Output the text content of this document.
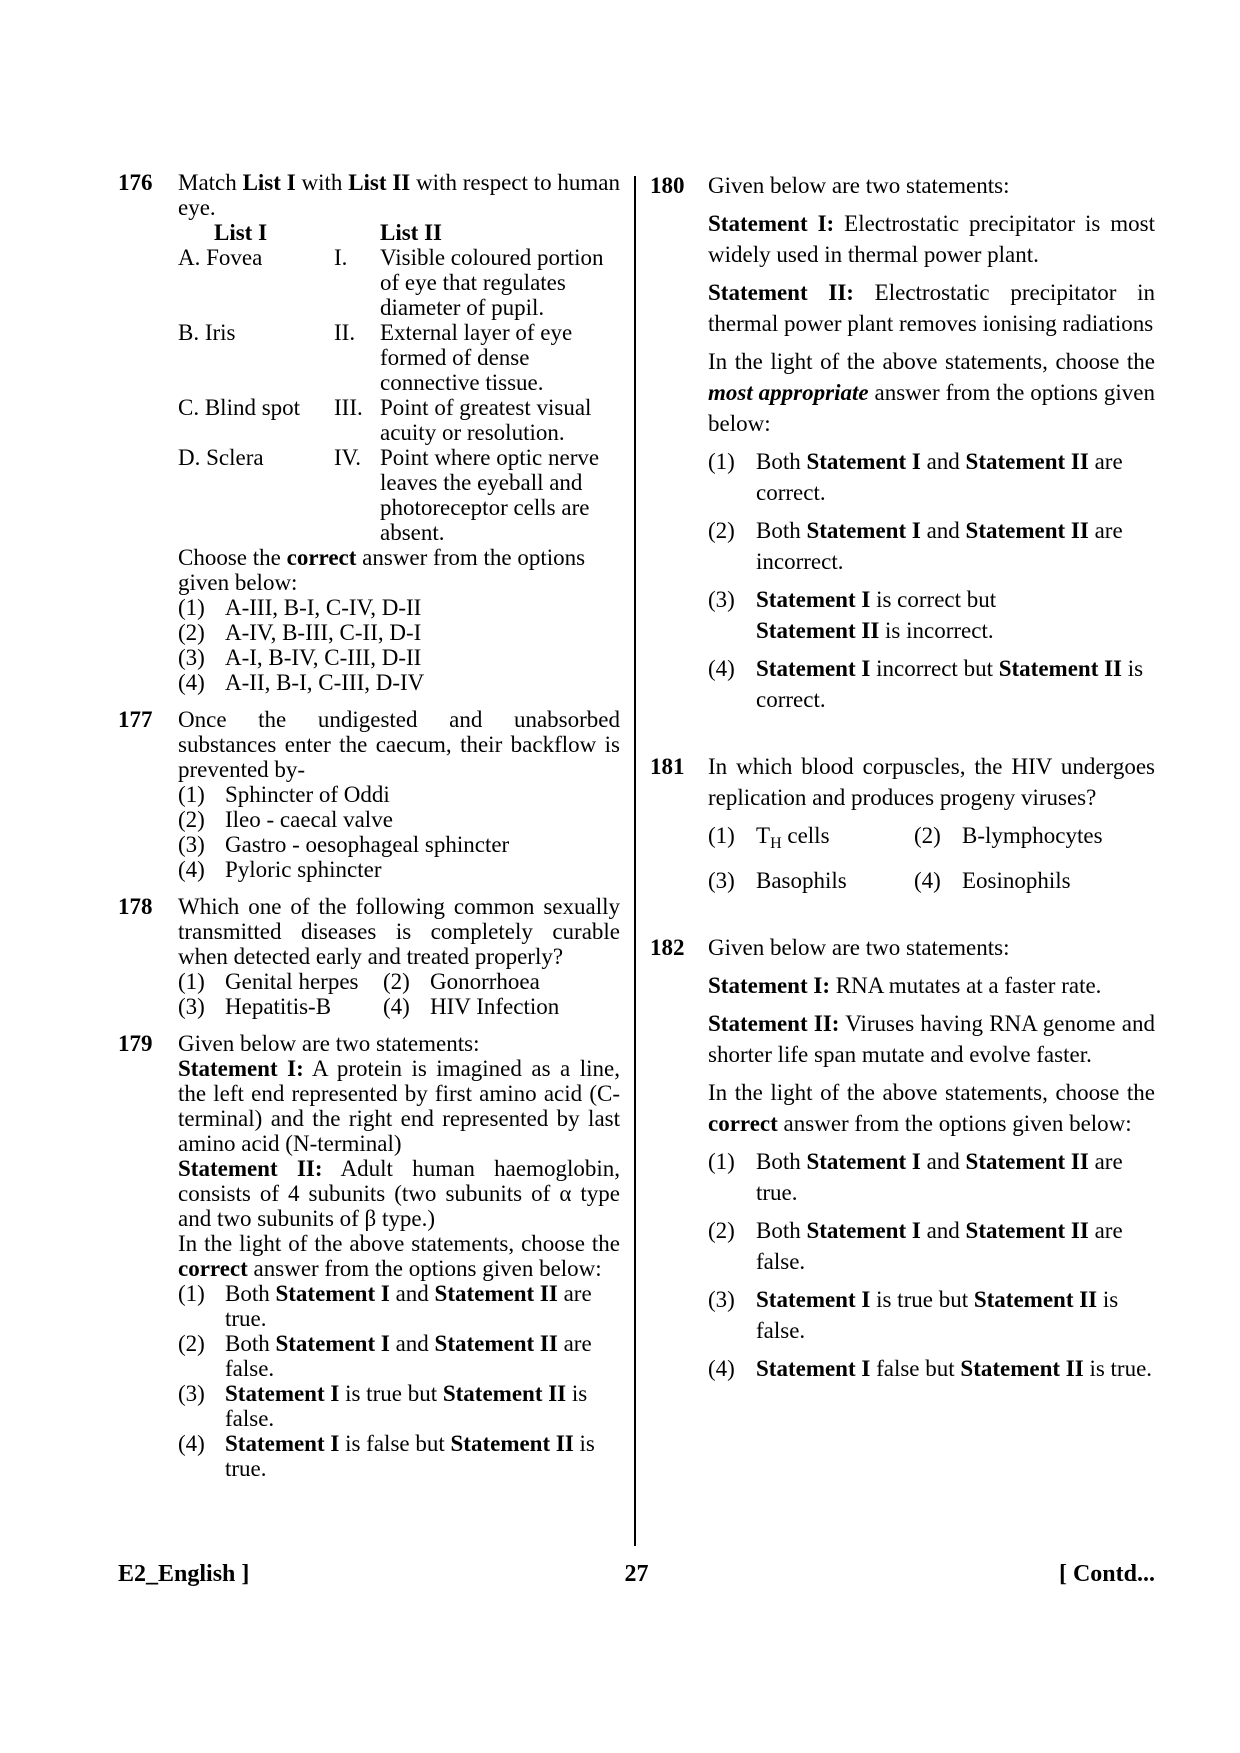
176 Match List I with List II with respect to human eye.
List I	List II
A. Fovea	I. Visible coloured portion of eye that regulates diameter of pupil.
B. Iris	II. External layer of eye formed of dense connective tissue.
C. Blind spot	III. Point of greatest visual acuity or resolution.
D. Sclera	IV. Point where optic nerve leaves the eyeball and photoreceptor cells are absent.
Choose the correct answer from the options given below:
(1) A-III, B-I, C-IV, D-II
(2) A-IV, B-III, C-II, D-I
(3) A-I, B-IV, C-III, D-II
(4) A-II, B-I, C-III, D-IV
177 Once the undigested and unabsorbed substances enter the caecum, their backflow is prevented by-
(1) Sphincter of Oddi
(2) Ileo - caecal valve
(3) Gastro - oesophageal sphincter
(4) Pyloric sphincter
178 Which one of the following common sexually transmitted diseases is completely curable when detected early and treated properly?
(1) Genital herpes	(2) Gonorrhoea
(3) Hepatitis-B	(4) HIV Infection
179 Given below are two statements:
Statement I: A protein is imagined as a line, the left end represented by first amino acid (C-terminal) and the right end represented by last amino acid (N-terminal)
Statement II: Adult human haemoglobin, consists of 4 subunits (two subunits of α type and two subunits of β type.)
In the light of the above statements, choose the correct answer from the options given below:
(1) Both Statement I and Statement II are true.
(2) Both Statement I and Statement II are false.
(3) Statement I is true but Statement II is false.
(4) Statement I is false but Statement II is true.
180 Given below are two statements:
Statement I: Electrostatic precipitator is most widely used in thermal power plant.
Statement II: Electrostatic precipitator in thermal power plant removes ionising radiations
In the light of the above statements, choose the most appropriate answer from the options given below:
(1) Both Statement I and Statement II are correct.
(2) Both Statement I and Statement II are incorrect.
(3) Statement I is correct but Statement II is incorrect.
(4) Statement I incorrect but Statement II is correct.
181 In which blood corpuscles, the HIV undergoes replication and produces progeny viruses?
(1) $T_H$ cells	(2) B-lymphocytes
(3) Basophils	(4) Eosinophils
182 Given below are two statements:
Statement I: RNA mutates at a faster rate.
Statement II: Viruses having RNA genome and shorter life span mutate and evolve faster.
In the light of the above statements, choose the correct answer from the options given below:
(1) Both Statement I and Statement II are true.
(2) Both Statement I and Statement II are false.
(3) Statement I is true but Statement II is false.
(4) Statement I false but Statement II is true.
E2_English ]	27	[ Contd...
